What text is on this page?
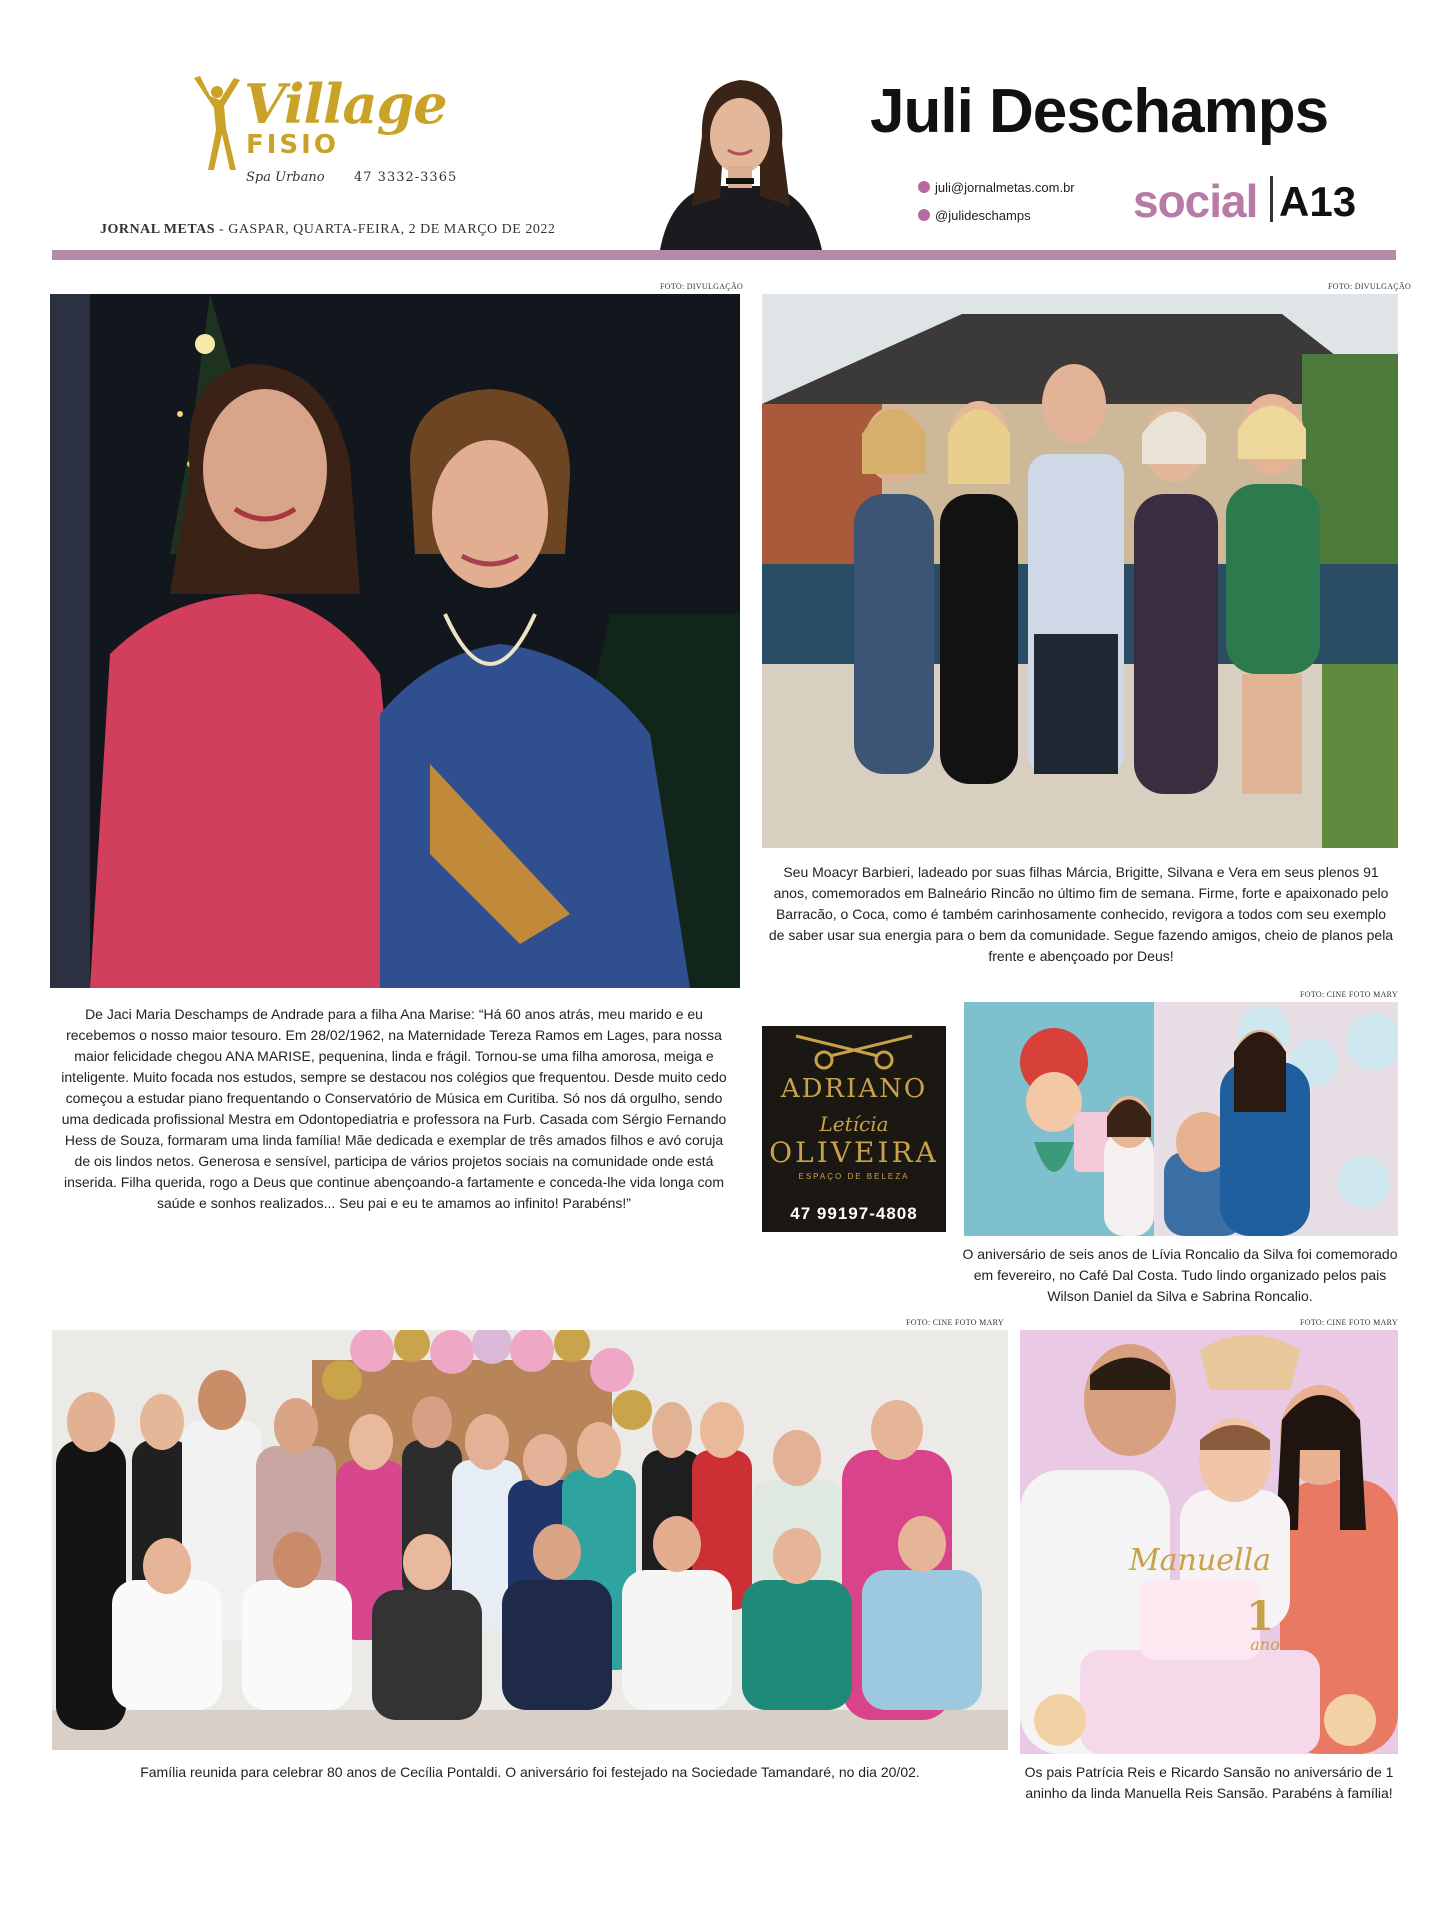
Village
FISIO
Spa Urbano 47 3332-3365
JORNAL METAS - GASPAR, QUARTA-FEIRA, 2 DE MARÇO DE 2022
Juli Deschamps
juli@jornalmetas.com.br
@julideschamps social A13
FOTO: DIVULGAÇÃO
De Jaci Maria Deschamps de Andrade para a filha Ana Marise: “Há 60 anos atrás, meu marido e eu recebemos o nosso maior tesouro. Em 28/02/1962, na Maternidade Tereza Ramos em Lages, para nossa maior felicidade chegou ANA MARISE, pequenina, linda e frágil. Tornou-se uma filha amorosa, meiga e inteligente. Muito focada nos estudos, sempre se destacou nos colégios que frequentou. Desde muito cedo começou a estudar piano frequentando o Conservatório de Música em Curitiba. Só nos dá orgulho, sendo uma dedicada profissional Mestra em Odontopediatria e professora na Furb. Casada com Sérgio Fernando Hess de Souza, formaram uma linda família! Mãe dedicada e exemplar de três amados filhos e avó coruja de ois lindos netos. Generosa e sensível, participa de vários projetos sociais na comunidade onde está inserida. Filha querida, rogo a Deus que continue abençoando-a fartamente e conceda-lhe vida longa com saúde e sonhos realizados... Seu pai e eu te amamos ao infinito! Parabéns!”
FOTO: DIVULGAÇÃO
Seu Moacyr Barbieri, ladeado por suas filhas Márcia, Brigitte, Silvana e Vera em seus plenos 91 anos, comemorados em Balneário Rincão no último fim de semana. Firme, forte e apaixonado pelo Barracão, o Coca, como é também carinhosamente conhecido, revigora a todos com seu exemplo de saber usar sua energia para o bem da comunidade. Segue fazendo amigos, cheio de planos pela frente e abençoado por Deus!
ADRIANO
Letícia
OLIVEIRA
ESPAÇO DE BELEZA
47 99197-4808
FOTO: CINE FOTO MARY
O aniversário de seis anos de Lívia Roncalio da Silva foi comemorado em fevereiro, no Café Dal Costa. Tudo lindo organizado pelos pais Wilson Daniel da Silva e Sabrina Roncalio.
FOTO: CINE FOTO MARY
Família reunida para celebrar 80 anos de Cecília Pontaldi. O aniversário foi festejado na Sociedade Tamandaré, no dia 20/02.
FOTO: CINE FOTO MARY
Manuella
1
ano
Os pais Patrícia Reis e Ricardo Sansão no aniversário de 1 aninho da linda Manuella Reis Sansão. Parabéns à família!
